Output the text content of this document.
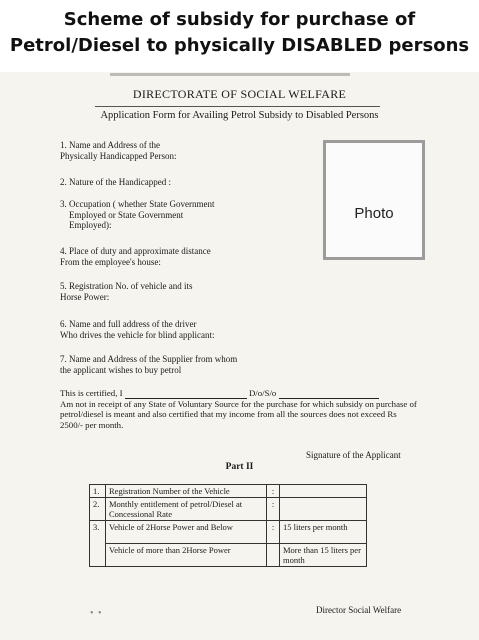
Scheme of subsidy for purchase of
Petrol/Diesel to physically DISABLED persons
DIRECTORATE OF SOCIAL WELFARE
Application Form for Availing Petrol Subsidy to Disabled Persons
1. Name and Address of the
Physically Handicapped Person:
2. Nature of the Handicapped :
3. Occupation ( whether State Government
Employed or State Government
Employed):
4. Place of duty and approximate distance
From the employee's house:
5. Registration No. of vehicle and its
Horse Power:
6. Name and full address of the driver
Who drives the vehicle for blind applicant:
7. Name and Address of the Supplier from whom
the applicant wishes to buy petrol
Photo
This is certified, I	D/o/S/o
Am not in receipt of any State of Voluntary Source for the purchase for which subsidy on purchase of petrol/diesel is meant and also certified that my income from all the sources does not exceed Rs 2500/- per month.
Signature of the Applicant
Part II
1.	Registration Number of the Vehicle	:	
2.	Monthly entitlement of petrol/Diesel at Concessional Rate	:	
3.	Vehicle of 2Horse Power and Below	:	15 liters per month
	Vehicle of more than 2Horse Power		More than 15 liters per month
• •	Director Social Welfare
